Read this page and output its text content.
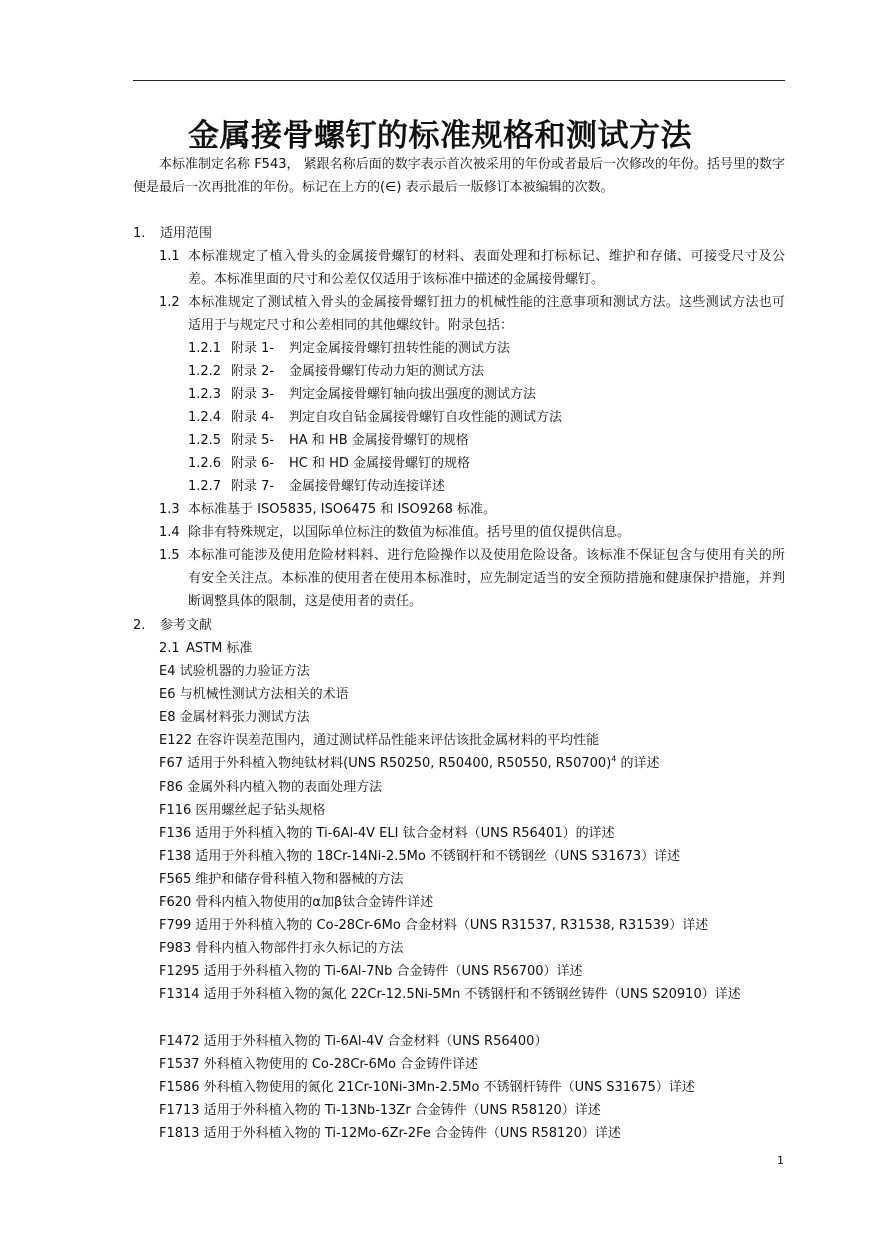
金属接骨螺钉的标准规格和测试方法
本标准制定名称 F543， 紧跟名称后面的数字表示首次被采用的年份或者最后一次修改的年份。括号里的数字便是最后一次再批准的年份。标记在上方的(∈) 表示最后一版修订本被编辑的次数。
1. 适用范围
1.1 本标准规定了植入骨头的金属接骨螺钉的材料、表面处理和打标标记、维护和存储、可接受尺寸及公差。本标准里面的尺寸和公差仅仅适用于该标准中描述的金属接骨螺钉。
1.2 本标准规定了测试植入骨头的金属接骨螺钉扭力的机械性能的注意事项和测试方法。这些测试方法也可适用于与规定尺寸和公差相同的其他螺纹针。附录包括：
1.2.1 附录 1- 判定金属接骨螺钉扭转性能的测试方法
1.2.2 附录 2- 金属接骨螺钉传动力矩的测试方法
1.2.3 附录 3- 判定金属接骨螺钉轴向拔出强度的测试方法
1.2.4 附录 4- 判定自攻自钻金属接骨螺钉自攻性能的测试方法
1.2.5 附录 5- HA 和 HB 金属接骨螺钉的规格
1.2.6 附录 6- HC 和 HD 金属接骨螺钉的规格
1.2.7 附录 7- 金属接骨螺钉传动连接详述
1.3 本标准基于 ISO5835, ISO6475 和 ISO9268 标准。
1.4 除非有特殊规定，以国际单位标注的数值为标准值。括号里的值仅提供信息。
1.5 本标准可能涉及使用危险材料料、进行危险操作以及使用危险设备。该标准不保证包含与使用有关的所有安全关注点。本标准的使用者在使用本标准时，应先制定适当的安全预防措施和健康保护措施，并判断调整具体的限制，这是使用者的责任。
2. 参考文献
2.1 ASTM 标准
E4 试验机器的力验证方法
E6 与机械性测试方法相关的术语
E8 金属材料张力测试方法
E122 在容许误差范围内，通过测试样品性能来评估该批金属材料的平均性能
F67 适用于外科植入物纯钛材料(UNS R50250, R50400, R50550, R50700)$^4$ 的详述
F86 金属外科内植入物的表面处理方法
F116 医用螺丝起子钻头规格
F136 适用于外科植入物的 Ti-6Al-4V ELI 钛合金材料（UNS R56401）的详述
F138 适用于外科植入物的 18Cr-14Ni-2.5Mo 不锈钢杆和不锈钢丝（UNS S31673）详述
F565 维护和储存骨科植入物和器械的方法
F620 骨科内植入物使用的α加β钛合金铸件详述
F799 适用于外科植入物的 Co-28Cr-6Mo 合金材料（UNS R31537, R31538, R31539）详述
F983 骨科内植入物部件打永久标记的方法
F1295 适用于外科植入物的 Ti-6Al-7Nb 合金铸件（UNS R56700）详述
F1314 适用于外科植入物的氮化 22Cr-12.5Ni-5Mn 不锈钢杆和不锈钢丝铸件（UNS S20910）详述
F1472 适用于外科植入物的 Ti-6Al-4V 合金材料（UNS R56400）
F1537 外科植入物使用的 Co-28Cr-6Mo 合金铸件详述
F1586 外科植入物使用的氮化 21Cr-10Ni-3Mn-2.5Mo 不锈钢杆铸件（UNS S31675）详述
F1713 适用于外科植入物的 Ti-13Nb-13Zr 合金铸件（UNS R58120）详述
F1813 适用于外科植入物的 Ti-12Mo-6Zr-2Fe 合金铸件（UNS R58120）详述
1
